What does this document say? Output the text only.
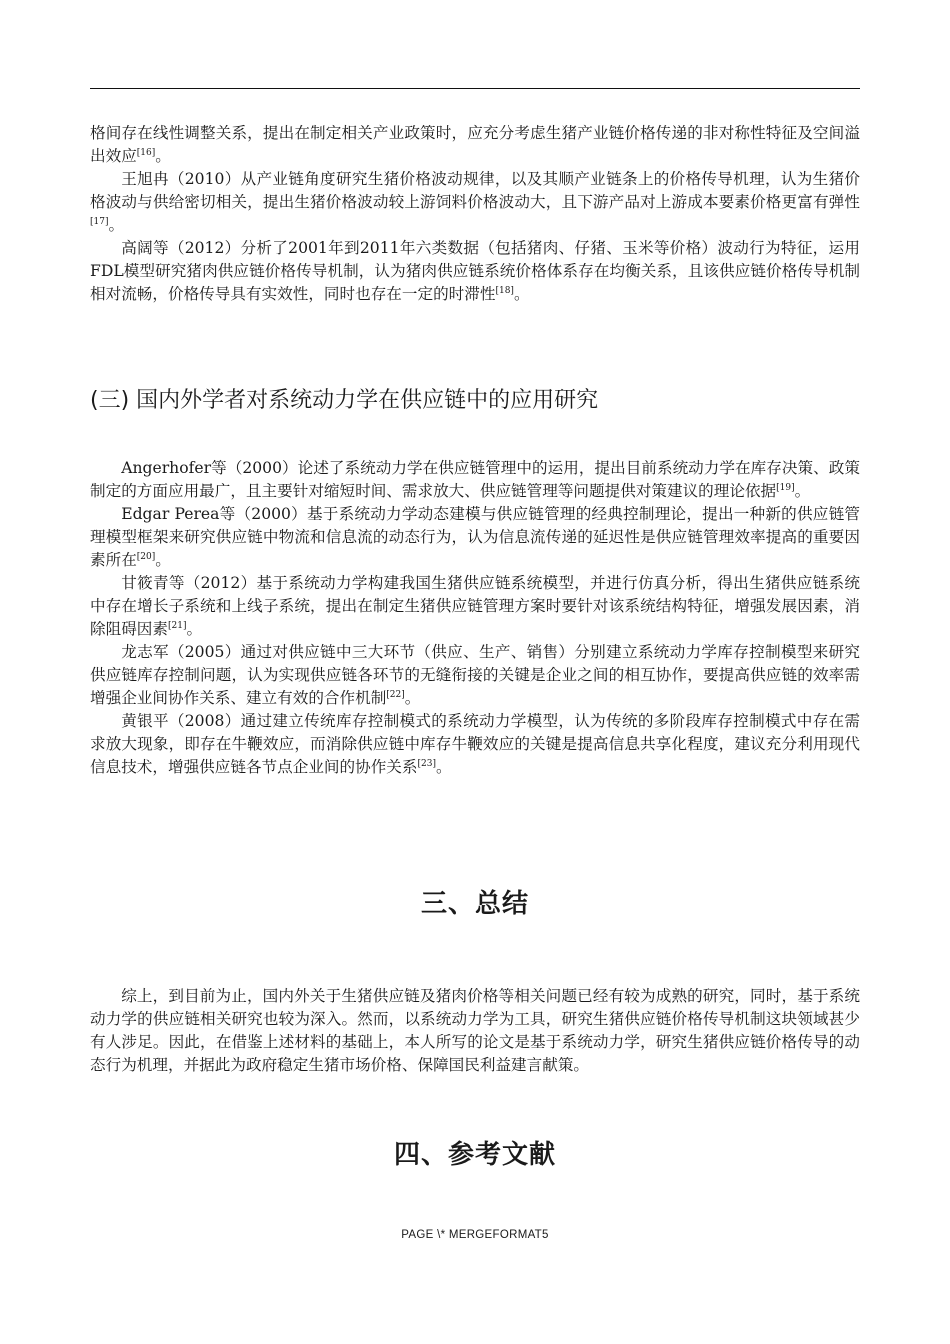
格间存在线性调整关系，提出在制定相关产业政策时，应充分考虑生猪产业链价格传递的非对称性特征及空间溢出效应[16]。

王旭冉（2010）从产业链角度研究生猪价格波动规律，以及其顺产业链条上的价格传导机理，认为生猪价格波动与供给密切相关，提出生猪价格波动较上游饲料价格波动大，且下游产品对上游成本要素价格更富有弹性[17]。

高阔等（2012）分析了2001年到2011年六类数据（包括猪肉、仔猪、玉米等价格）波动行为特征，运用FDL模型研究猪肉供应链价格传导机制，认为猪肉供应链系统价格体系存在均衡关系，且该供应链价格传导机制相对流畅，价格传导具有实效性，同时也存在一定的时滞性[18]。

(三) 国内外学者对系统动力学在供应链中的应用研究

Angerhofer等（2000）论述了系统动力学在供应链管理中的运用，提出目前系统动力学在库存决策、政策制定的方面应用最广，且主要针对缩短时间、需求放大、供应链管理等问题提供对策建议的理论依据[19]。

Edgar Perea等（2000）基于系统动力学动态建模与供应链管理的经典控制理论，提出一种新的供应链管理模型框架来研究供应链中物流和信息流的动态行为，认为信息流传递的延迟性是供应链管理效率提高的重要因素所在[20]。

甘筱青等（2012）基于系统动力学构建我国生猪供应链系统模型，并进行仿真分析，得出生猪供应链系统中存在增长子系统和上线子系统，提出在制定生猪供应链管理方案时要针对该系统结构特征，增强发展因素，消除阻碍因素[21]。

龙志军（2005）通过对供应链中三大环节（供应、生产、销售）分别建立系统动力学库存控制模型来研究供应链库存控制问题，认为实现供应链各环节的无缝衔接的关键是企业之间的相互协作，要提高供应链的效率需增强企业间协作关系、建立有效的合作机制[22]。

黄银平（2008）通过建立传统库存控制模式的系统动力学模型，认为传统的多阶段库存控制模式中存在需求放大现象，即存在牛鞭效应，而消除供应链中库存牛鞭效应的关键是提高信息共享化程度，建议充分利用现代信息技术，增强供应链各节点企业间的协作关系[23]。

三、总结

综上，到目前为止，国内外关于生猪供应链及猪肉价格等相关问题已经有较为成熟的研究，同时，基于系统动力学的供应链相关研究也较为深入。然而，以系统动力学为工具，研究生猪供应链价格传导机制这块领域甚少有人涉足。因此，在借鉴上述材料的基础上，本人所写的论文是基于系统动力学，研究生猪供应链价格传导的动态行为机理，并据此为政府稳定生猪市场价格、保障国民利益建言献策。

四、参考文献
PAGE \* MERGEFORMAT5
